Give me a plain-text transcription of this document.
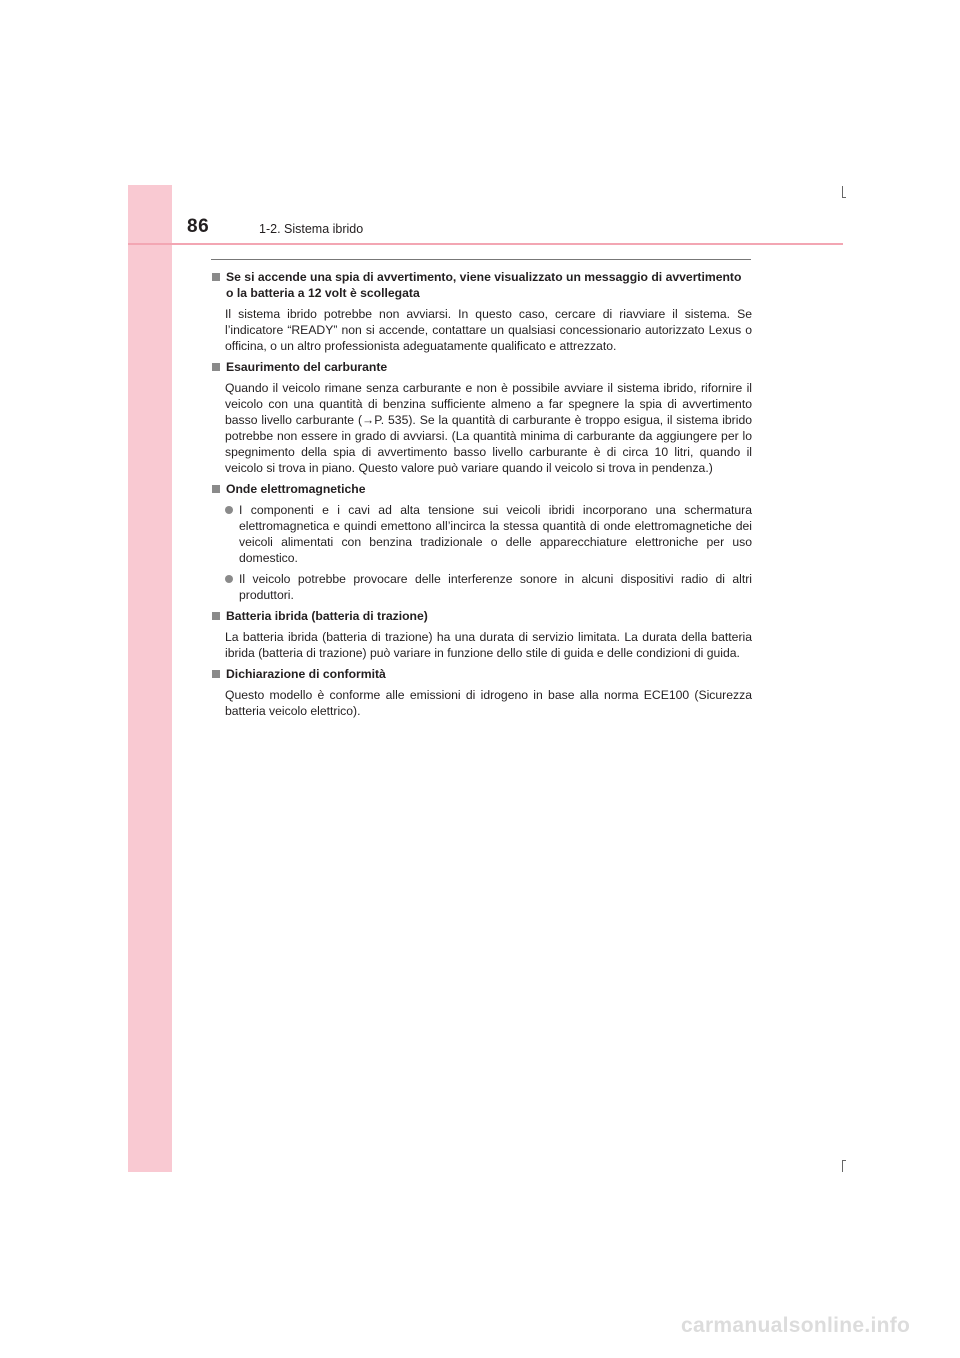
86	1-2. Sistema ibrido
Se si accende una spia di avvertimento, viene visualizzato un messaggio di avvertimento o la batteria a 12 volt è scollegata
Il sistema ibrido potrebbe non avviarsi. In questo caso, cercare di riavviare il sistema. Se l’indicatore “READY” non si accende, contattare un qualsiasi concessionario autorizzato Lexus o officina, o un altro professionista adeguatamente qualificato e attrezzato.
Esaurimento del carburante
Quando il veicolo rimane senza carburante e non è possibile avviare il sistema ibrido, rifornire il veicolo con una quantità di benzina sufficiente almeno a far spegnere la spia di avvertimento basso livello carburante (→P. 535). Se la quantità di carburante è troppo esigua, il sistema ibrido potrebbe non essere in grado di avviarsi. (La quantità minima di carburante da aggiungere per lo spegnimento della spia di avvertimento basso livello carburante è di circa 10 litri, quando il veicolo si trova in piano. Questo valore può variare quando il veicolo si trova in pendenza.)
Onde elettromagnetiche
I componenti e i cavi ad alta tensione sui veicoli ibridi incorporano una schermatura elettromagnetica e quindi emettono all’incirca la stessa quantità di onde elettromagnetiche dei veicoli alimentati con benzina tradizionale o delle apparecchiature elettroniche per uso domestico.
Il veicolo potrebbe provocare delle interferenze sonore in alcuni dispositivi radio di altri produttori.
Batteria ibrida (batteria di trazione)
La batteria ibrida (batteria di trazione) ha una durata di servizio limitata. La durata della batteria ibrida (batteria di trazione) può variare in funzione dello stile di guida e delle condizioni di guida.
Dichiarazione di conformità
Questo modello è conforme alle emissioni di idrogeno in base alla norma ECE100 (Sicurezza batteria veicolo elettrico).
carmanualsonline.info
